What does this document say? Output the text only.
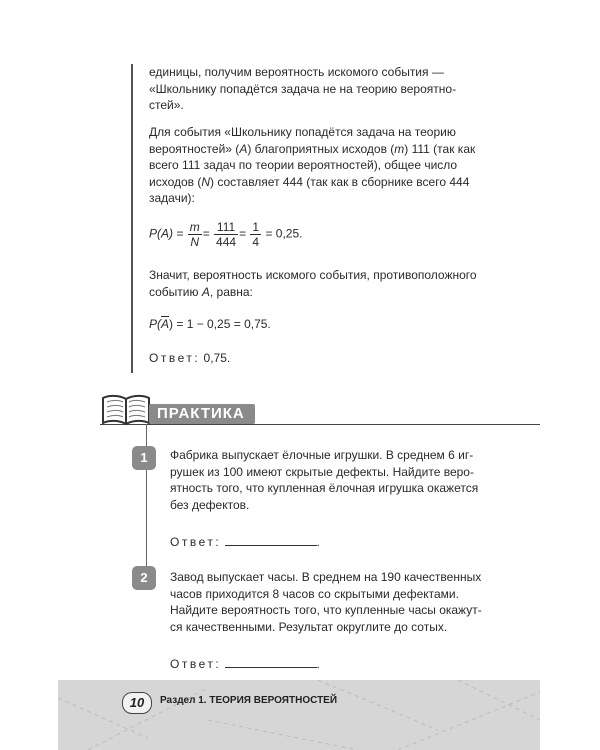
единицы, получим вероятность искомого события —
«Школьнику попадётся задача не на теорию вероятно-
стей».

Для события «Школьнику попадётся задача на теорию
вероятностей» (A) благоприятных исходов (m) 111 (так как
всего 111 задач по теории вероятностей), общее число
исходов (N) составляет 444 (так как в сборнике всего 444
задачи):

$P(A) = \frac{m}{N} = \frac{111}{444} = \frac{1}{4} = 0,25$.

Значит, вероятность искомого события, противоположного
событию A, равна:

$P(\overline{A}) = 1 - 0,25 = 0,75$.

Ответ: 0,75.

ПРАКТИКА
1	Фабрика выпускает ёлочные игрушки. В среднем 6 иг-
рушек из 100 имеют скрытые дефекты. Найдите веро-
ятность того, что купленная ёлочная игрушка окажется
без дефектов.

Ответ:	.

2	Завод выпускает часы. В среднем на 190 качественных
часов приходится 8 часов со скрытыми дефектами.
Найдите вероятность того, что купленные часы окажут-
ся качественными. Результат округлите до сотых.

Ответ:	.

10	Раздел 1. ТЕОРИЯ ВЕРОЯТНОСТЕЙ
